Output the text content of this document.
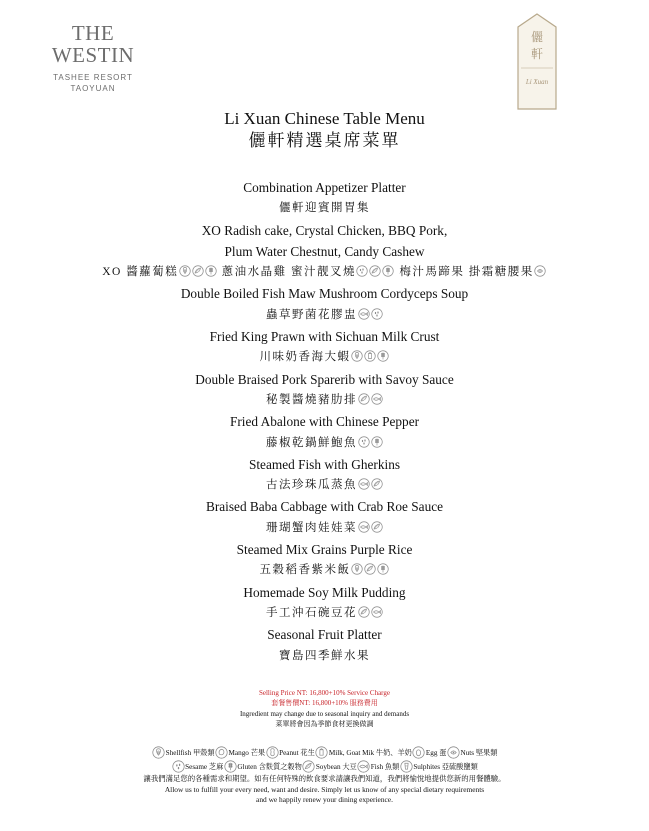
THE WESTIN
TASHEE RESORT
TAOYUAN
儷
軒
Li Xuan
Li Xuan Chinese Table Menu
儷軒精選桌席菜單
Combination Appetizer Platter
儷軒迎賓開胃集
XO Radish cake, Crystal Chicken, BBQ Pork,
Plum Water Chestnut, Candy Cashew
XO 醬蘿蔔糕	蔥油水晶雞 蜜汁靓叉燒	梅汁馬蹄果 掛霜糖腰果
Double Boiled Fish Maw Mushroom Cordyceps Soup
蟲草野菌花膠盅
Fried King Prawn with Sichuan Milk Crust
川味奶香海大蝦
Double Braised Pork Sparerib with Savoy Sauce
秘製醬燒豬肋排
Fried Abalone with Chinese Pepper
藤椒乾鍋鮮鮑魚
Steamed Fish with Gherkins
古法珍珠瓜蒸魚
Braised Baba Cabbage with Crab Roe Sauce
珊瑚蟹肉娃娃菜
Steamed Mix Grains Purple Rice
五穀稻香紫米飯
Homemade Soy Milk Pudding
手工沖石碗豆花
Seasonal Fruit Platter
寶島四季鮮水果
Selling Price NT: 16,800+10% Service Charge
套餐售價NT: 16,800+10% 服務費用
Ingredient may change due to seasonal inquiry and demands
菜單將會因為季節食材更換做調
Shellfish 甲殼類 Mango 芒果 Peanut 花生 Milk, Goat Mik 牛奶、羊奶 Egg 蛋 Nuts 堅果類
Sesame 芝麻 Gluten 含麩質之穀物 Soybean 大豆 Fish 魚類 Sulphites 亞硫酸鹽類
讓我們滿足您的各種需求和期望。如有任何特殊的飲食要求請讓我們知道，我們將愉悅地提供您新的用餐體驗。
Allow us to fulfill your every need, want and desire. Simply let us know of any special dietary requirements
and we happily renew your dining experience.
